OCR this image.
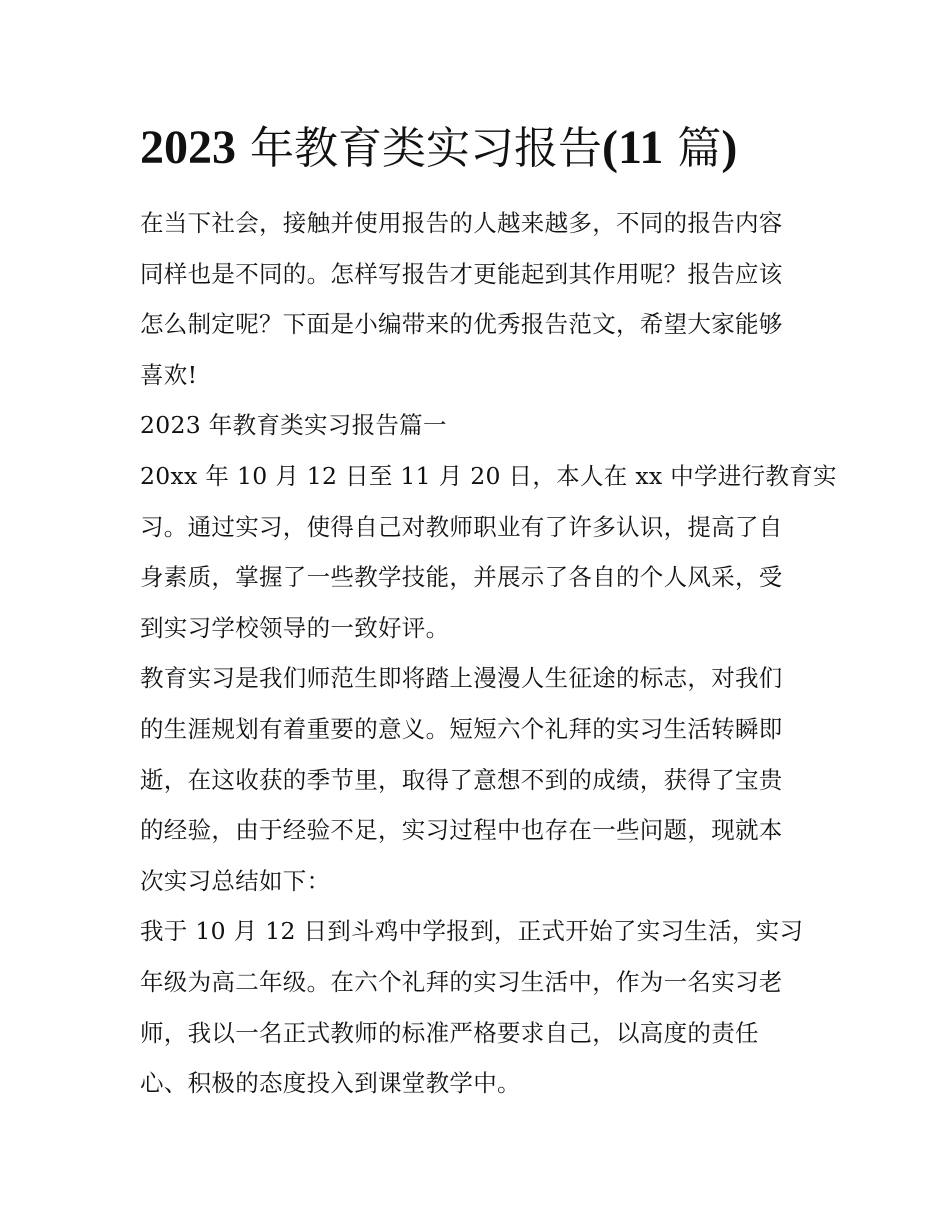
2023 年教育类实习报告(11 篇)
在当下社会，接触并使用报告的人越来越多，不同的报告内容
同样也是不同的。怎样写报告才更能起到其作用呢？报告应该
怎么制定呢？下面是小编带来的优秀报告范文，希望大家能够
喜欢!
2023 年教育类实习报告篇一
20xx 年 10 月 12 日至 11 月 20 日，本人在 xx 中学进行教育实
习。通过实习，使得自己对教师职业有了许多认识，提高了自
身素质，掌握了一些教学技能，并展示了各自的个人风采，受
到实习学校领导的一致好评。
教育实习是我们师范生即将踏上漫漫人生征途的标志，对我们
的生涯规划有着重要的意义。短短六个礼拜的实习生活转瞬即
逝，在这收获的季节里，取得了意想不到的成绩，获得了宝贵
的经验，由于经验不足，实习过程中也存在一些问题，现就本
次实习总结如下：
我于 10 月 12 日到斗鸡中学报到，正式开始了实习生活，实习
年级为高二年级。在六个礼拜的实习生活中，作为一名实习老
师，我以一名正式教师的标准严格要求自己，以高度的责任
心、积极的态度投入到课堂教学中。
